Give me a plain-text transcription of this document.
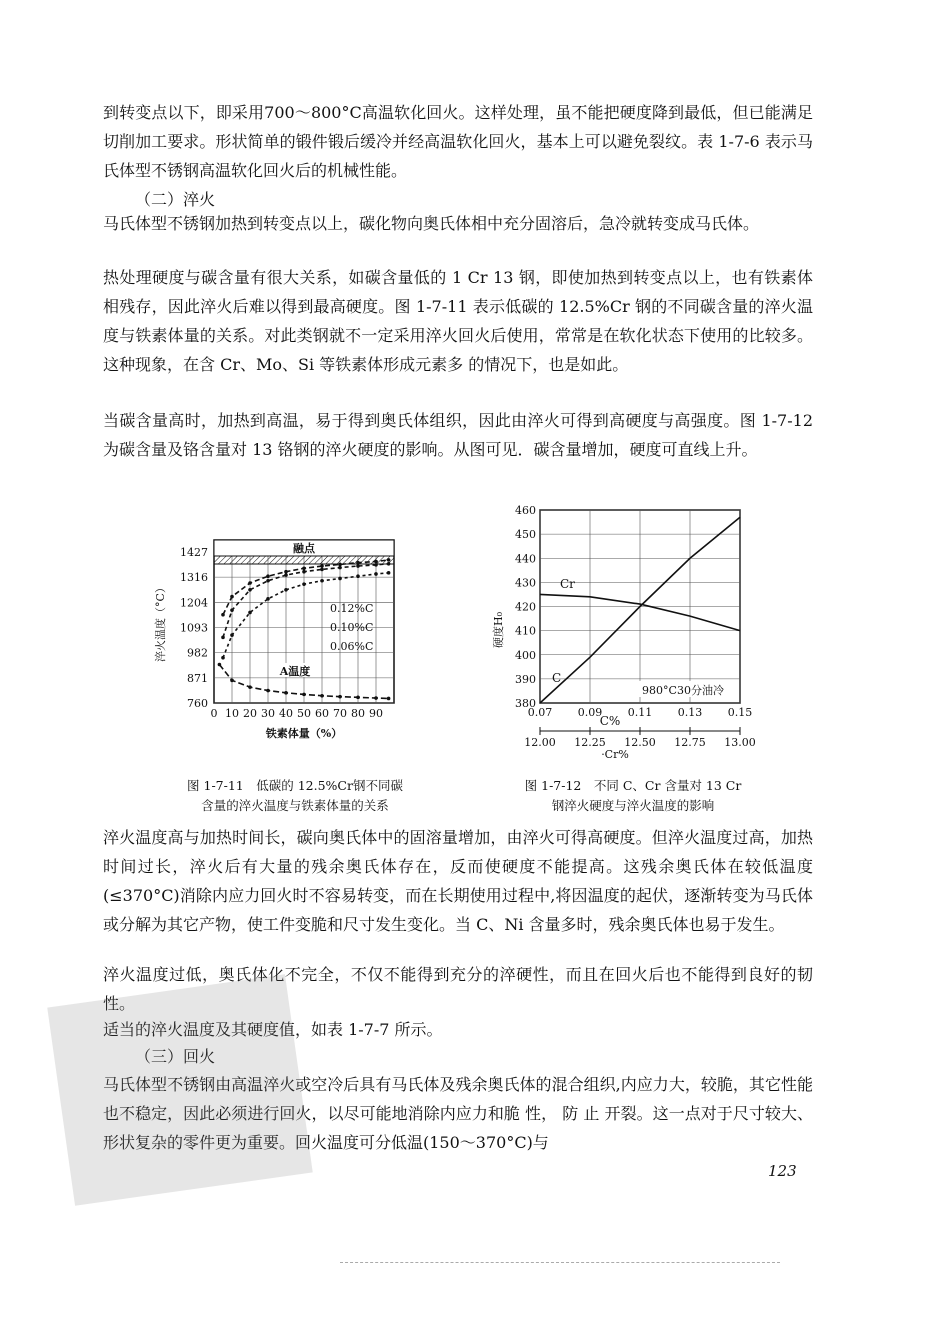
到转变点以下，即采用700～800°C高温软化回火。这样处理，虽不能把硬度降到最低，但已能满足切削加工要求。形状简单的锻件锻后缓冷并经高温软化回火，基本上可以避免裂纹。表 1-7-6 表示马氏体型不锈钢高温软化回火后的机械性能。

（二）淬火

马氏体型不锈钢加热到转变点以上，碳化物向奥氏体相中充分固溶后，急冷就转变成马氏体。

热处理硬度与碳含量有很大关系，如碳含量低的 1 Cr 13 钢，即使加热到转变点以上，也有铁素体相残存，因此淬火后难以得到最高硬度。图 1-7-11 表示低碳的 12.5%Cr 钢的不同碳含量的淬火温度与铁素体量的关系。对此类钢就不一定采用淬火回火后使用，常常是在软化状态下使用的比较多。这种现象，在含 Cr、Mo、Si 等铁素体形成元素多 的情况下，也是如此。

当碳含量高时，加热到高温，易于得到奥氏体组织，因此由淬火可得到高硬度与高强度。图 1-7-12 为碳含量及铬含量对 13 铬钢的淬火硬度的影响。从图可见．碳含量增加，硬度可直线上升。

融点
760
871
982
1093
1204
1316
1427
0 10 20 30 40 50 60 70 80 90
0.12%C
0.10%C
0.06%C
A温度
铁素体量（%）
淬火温度（°C）
380
390
400
410
420
430
440
450
460
0.07 0.09 0.11 0.13 0.15
12.00 12.25 12.50 12.75 13.00
Cr
C
980°C30分油冷
硬度H₀
C%
·Cr%
图 1-7-11　低碳的 12.5%Cr钢不同碳
含量的淬火温度与铁素体量的关系
图 1-7-12　不同 C、Cr 含量对 13 Cr
钢淬火硬度与淬火温度的影响

淬火温度高与加热时间长，碳向奥氏体中的固溶量增加，由淬火可得高硬度。但淬火温度过高，加热时间过长，淬火后有大量的残余奥氏体存在，反而使硬度不能提高。这残余奥氏体在较低温度(≤370°C)消除内应力回火时不容易转变，而在长期使用过程中,将因温度的起伏，逐渐转变为马氏体或分解为其它产物，使工件变脆和尺寸发生变化。当 C、Ni 含量多时，残余奥氏体也易于发生。

淬火温度过低，奥氏体化不完全，不仅不能得到充分的淬硬性，而且在回火后也不能得到良好的韧性。

适当的淬火温度及其硬度值，如表 1-7-7 所示。

（三）回火

马氏体型不锈钢由高温淬火或空冷后具有马氏体及残余奥氏体的混合组织,内应力大，较脆，其它性能也不稳定，因此必须进行回火，以尽可能地消除内应力和脆 性， 防 止 开裂。这一点对于尺寸较大、形状复杂的零件更为重要。回火温度可分低温(150～370°C)与

123
